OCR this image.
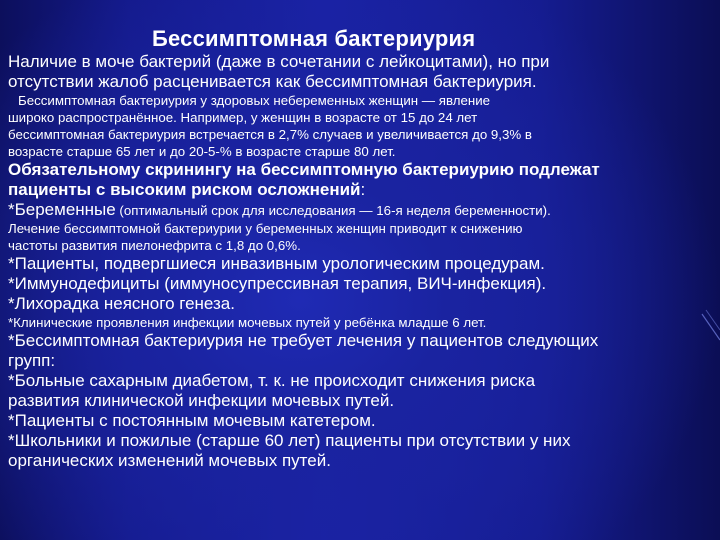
Бессимптомная бактериурия

Наличие в моче бактерий (даже в сочетании с лейкоцитами), но при

отсутствии жалоб расценивается как бессимптомная бактериурия.

Бессимптомная бактериурия у здоровых небеременных женщин — явление

широко распространённое. Например, у женщин в возрасте от 15 до 24 лет

бессимптомная бактериурия встречается в 2,7% случаев и увеличивается до 9,3% в

возрасте старше 65 лет и до 20-5-% в возрасте старше 80 лет.

Обязательному скринингу на бессимптомную бактериурию подлежат

пациенты с высоким риском осложнений:

*Беременные (оптимальный срок для исследования — 16-я неделя беременности).

Лечение бессимптомной бактериурии у беременных женщин приводит к снижению

частоты развития пиелонефрита с 1,8 до 0,6%.

*Пациенты, подвергшиеся инвазивным урологическим процедурам.

*Иммунодефициты (иммуносупрессивная терапия, ВИЧ-инфекция).

*Лихорадка неясного генеза.

*Клинические проявления инфекции мочевых путей у ребёнка младше 6 лет.

*Бессимптомная бактериурия не требует лечения у пациентов следующих

групп:

*Больные сахарным диабетом, т. к. не происходит снижения риска

развития клинической инфекции мочевых путей.

*Пациенты с постоянным мочевым катетером.

*Школьники и пожилые (старше 60 лет) пациенты при отсутствии у них

органических изменений мочевых путей.
